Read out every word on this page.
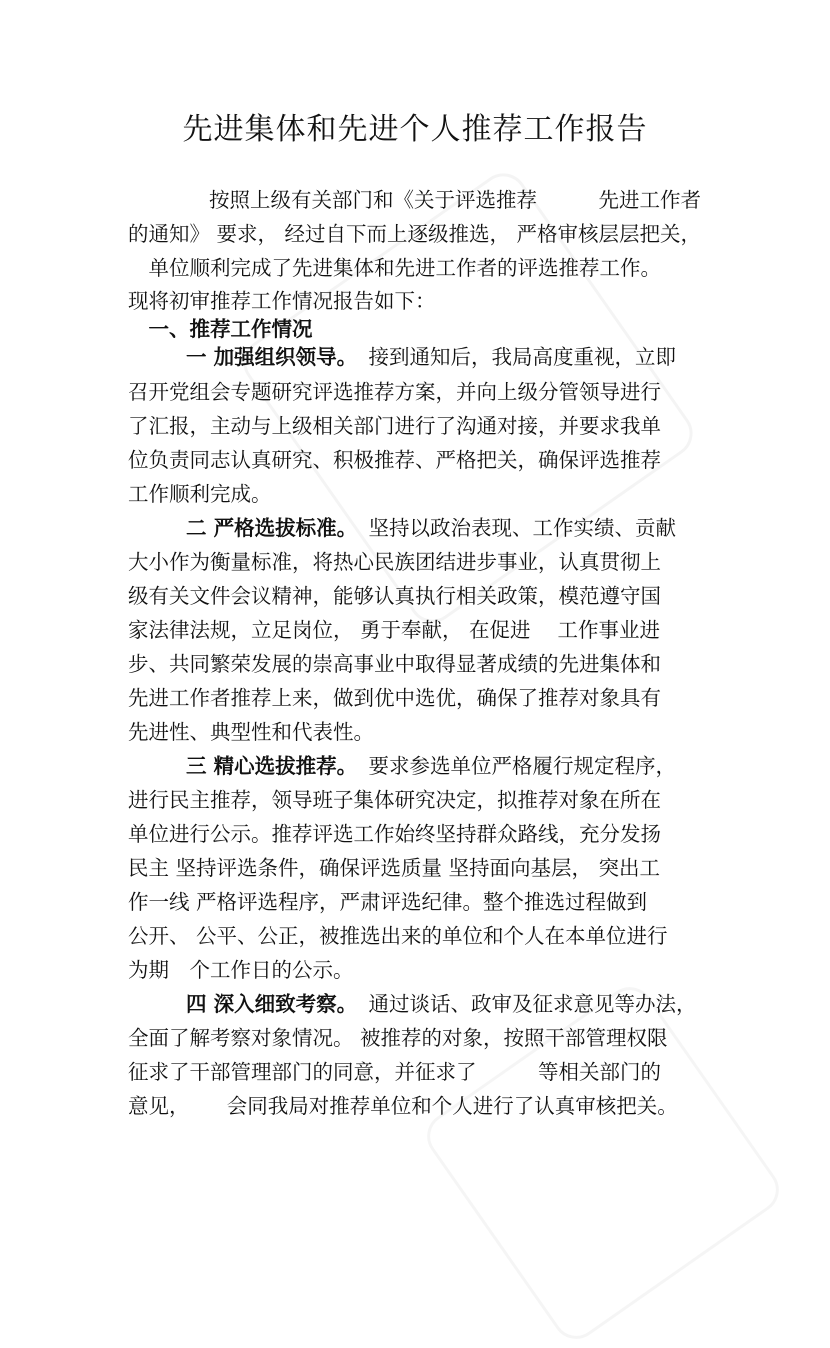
先进集体和先进个人推荐工作报告
　　按照上级有关部门和《关于评选推荐　　　先进工作者
的通知》 要求， 经过自下而上逐级推选， 严格审核层层把关，
　单位顺利完成了先进集体和先进工作者的评选推荐工作。
现将初审推荐工作情况报告如下：
　一、推荐工作情况
一 加强组织领导。 接到通知后，我局高度重视，立即
召开党组会专题研究评选推荐方案，并向上级分管领导进行
了汇报，主动与上级相关部门进行了沟通对接，并要求我单
位负责同志认真研究、积极推荐、严格把关，确保评选推荐
工作顺利完成。
二 严格选拔标准。 坚持以政治表现、工作实绩、贡献
大小作为衡量标准，将热心民族团结进步事业，认真贯彻上
级有关文件会议精神，能够认真执行相关政策，模范遵守国
家法律法规，立足岗位， 勇于奉献， 在促进　 工作事业进
步、共同繁荣发展的崇高事业中取得显著成绩的先进集体和
先进工作者推荐上来，做到优中选优，确保了推荐对象具有
先进性、典型性和代表性。
三 精心选拔推荐。 要求参选单位严格履行规定程序，
进行民主推荐，领导班子集体研究决定，拟推荐对象在所在
单位进行公示。推荐评选工作始终坚持群众路线，充分发扬
民主 坚持评选条件，确保评选质量 坚持面向基层， 突出工
作一线 严格评选程序，严肃评选纪律。整个推选过程做到
公开、 公平、公正，被推选出来的单位和个人在本单位进行
为期　个工作日的公示。
四 深入细致考察。 通过谈话、政审及征求意见等办法，
全面了解考察对象情况。 被推荐的对象，按照干部管理权限
征求了干部管理部门的同意，并征求了　　　等相关部门的
意见，　　 会同我局对推荐单位和个人进行了认真审核把关。
